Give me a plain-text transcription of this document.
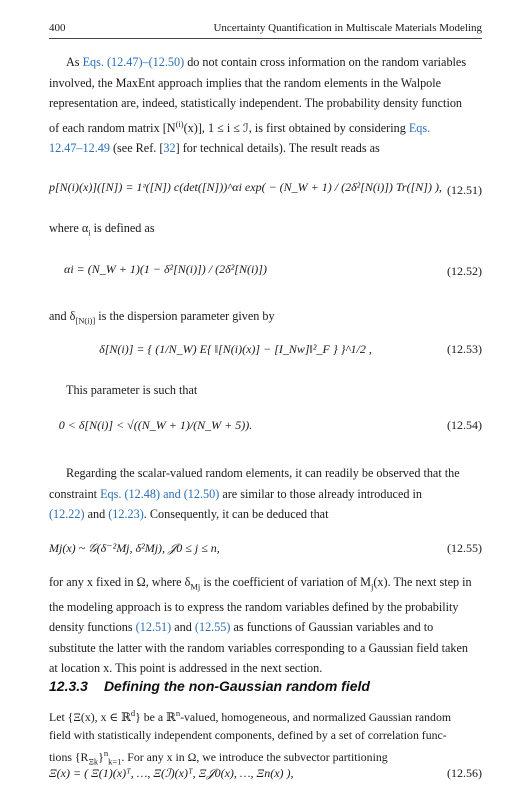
400	Uncertainty Quantification in Multiscale Materials Modeling
As Eqs. (12.47)–(12.50) do not contain cross information on the random variables
involved, the MaxEnt approach implies that the random elements in the Walpole
representation are, indeed, statistically independent. The probability density function
of each random matrix $[N^{(i)}(x)]$, 1 ≤ i ≤ ℐ, is first obtained by considering Eqs.
12.47–12.49 (see Ref. [32] for technical details). The result reads as
p[N(i)(x)]([N]) = 1ᵊ([N]) c(det([N]))^αi exp( − (N_W + 1) / (2δ²[N(i)]) Tr([N]) ), (12.51)
where $\alpha_i$ is defined as
αi = (N_W + 1)(1 − δ²[N(i)]) / (2δ²[N(i)])	(12.52)
and $\delta_{[N(i)]}$ is the dispersion parameter given by
δ[N(i)] = { (1/N_W) E{ ‖[N(i)(x)] − [I_Nw]‖²_F } }^1/2 ,	(12.53)
This parameter is such that
0 < δ[N(i)] < √((N_W + 1)/(N_W + 5)).	(12.54)
Regarding the scalar-valued random elements, it can readily be observed that the
constraint Eqs. (12.48) and (12.50) are similar to those already introduced in
(12.22) and (12.23). Consequently, it can be deduced that
Mj(x) ~ 𝒢(δ⁻²Mj, δ²Mj), 𝒥0 ≤ j ≤ n,	(12.55)
for any x fixed in Ω, where $\delta_{Mj}$ is the coefficient of variation of $M_j(x)$. The next step in
the modeling approach is to express the random variables defined by the probability
density functions (12.51) and (12.55) as functions of Gaussian variables and to
substitute the latter with the random variables corresponding to a Gaussian field taken
at location x. This point is addressed in the next section.
12.3.3 Defining the non-Gaussian random field
Let {Ξ(x), x ∈ ℝ$^d$} be a ℝ$^n$-valued, homogeneous, and normalized Gaussian random
field with statistically independent components, defined by a set of correlation func-
tions $\{R_{\Xi k}\}^n_{k=1}$. For any x in Ω, we introduce the subvector partitioning
Ξ(x) = ( Ξ(1)(x)ᵀ, …, Ξ(ℐ)(x)ᵀ, Ξ𝒥0(x), …, Ξn(x) ),	(12.56)
